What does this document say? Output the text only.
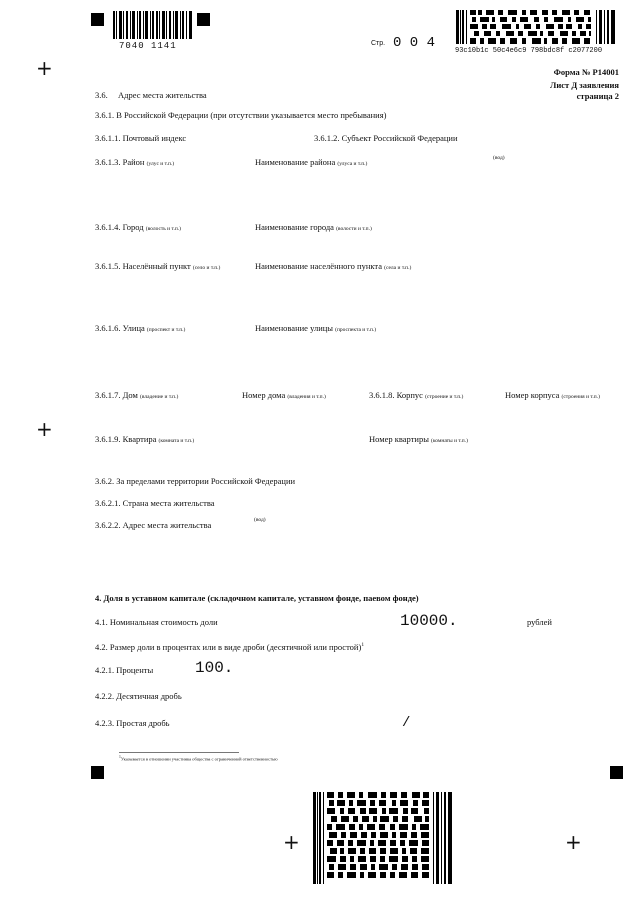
+
+
+	+
7040 1141	Стр. 0 0 4	93c10b1c 50c4e6c9 798bdc8f c2077200
Форма № Р14001
Лист Д заявления
страница 2
3.6. Адрес места жительства
3.6.1. В Российской Федерации (при отсутствии указывается место пребывания)
3.6.1.1. Почтовый индекс	3.6.1.2. Субъект Российской Федерации
3.6.1.3. Район (улус и т.п.)	Наименование района (улуса и т.п.)
(вод)
3.6.1.4. Город (волость и т.п.)	Наименование города (волости и т.п.)
3.6.1.5. Населённый пункт (село и т.п.)	Наименование населённого пункта (села и т.п.)
3.6.1.6. Улица (проспект и т.п.)	Наименование улицы (проспекта и т.п.)
3.6.1.7. Дом (владение и т.п.)	Номер дома (владения и т.п.)	3.6.1.8. Корпус (строение и т.п.)	Номер корпуса (строения и т.п.)
3.6.1.9. Квартира (комната и т.п.)	Номер квартиры (комнаты и т.п.)
3.6.2. За пределами территории Российской Федерации
3.6.2.1. Страна места жительства
3.6.2.2. Адрес места жительства	(вод)
4. Доля в уставном капитале (складочном капитале, уставном фонде, паевом фонде)
4.1. Номинальная стоимость доли	10000.	рублей
4.2. Размер доли в процентах или в виде дроби (десятичной или простой)$^1$
4.2.1. Проценты	100.
4.2.2. Десятичная дробь
4.2.3. Простая дробь	/
$^1$Указывается в отношении участника общества с ограниченной ответственностью
